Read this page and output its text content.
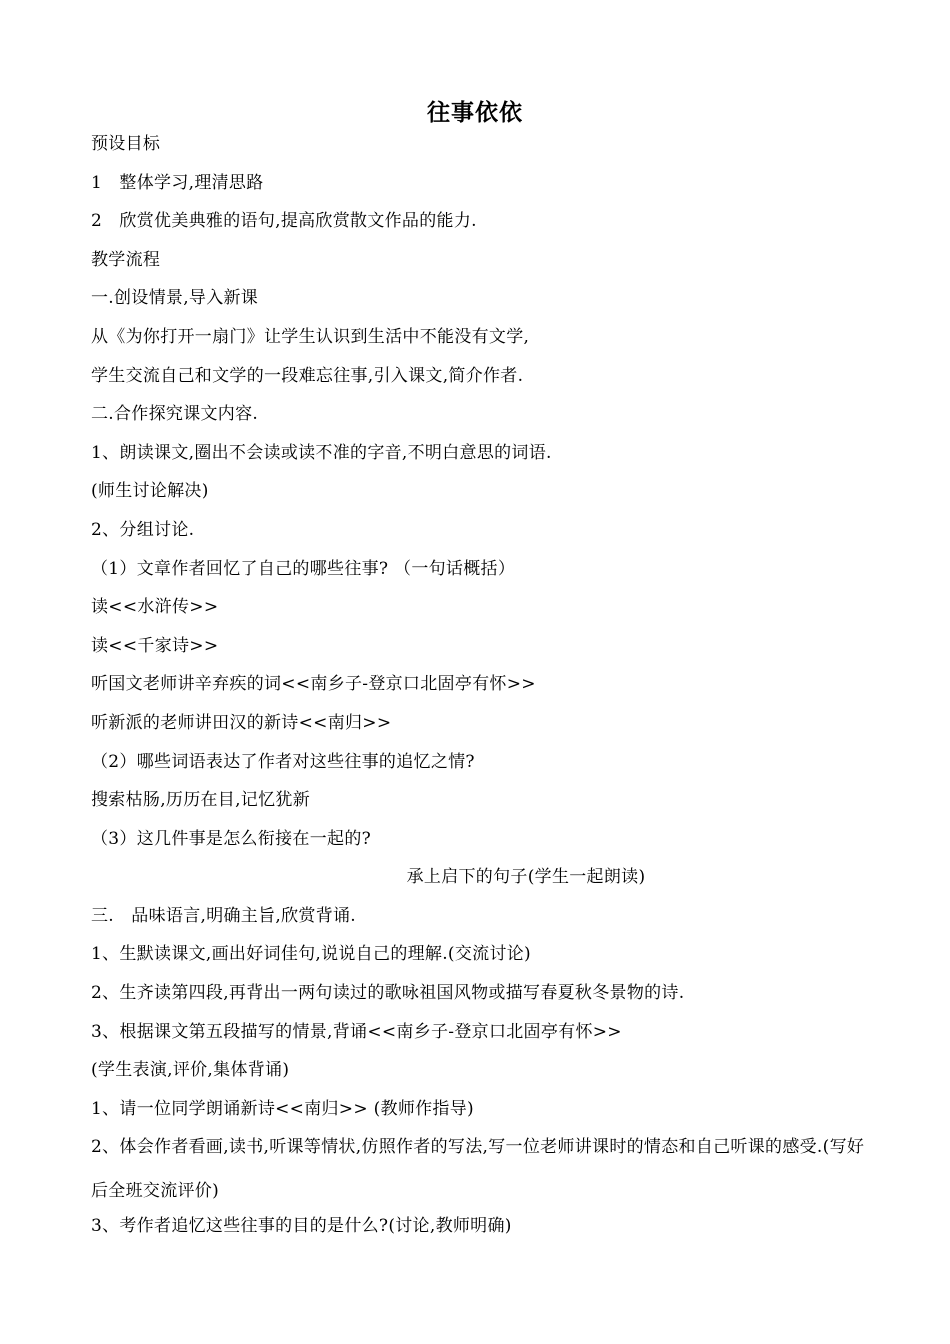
往事依依
预设目标
1　整体学习,理清思路
2　欣赏优美典雅的语句,提高欣赏散文作品的能力.
教学流程
一.创设情景,导入新课
从《为你打开一扇门》让学生认识到生活中不能没有文学,
学生交流自己和文学的一段难忘往事,引入课文,简介作者.
二.合作探究课文内容.
1、朗读课文,圈出不会读或读不准的字音,不明白意思的词语.
(师生讨论解决)
2、分组讨论.
（1）文章作者回忆了自己的哪些往事? （一句话概括）
读<<水浒传>>
读<<千家诗>>
听国文老师讲辛弃疾的词<<南乡子-登京口北固亭有怀>>
听新派的老师讲田汉的新诗<<南归>>
（2）哪些词语表达了作者对这些往事的追忆之情?
搜索枯肠,历历在目,记忆犹新
（3）这几件事是怎么衔接在一起的?
承上启下的句子(学生一起朗读)
三.　品味语言,明确主旨,欣赏背诵.
1、生默读课文,画出好词佳句,说说自己的理解.(交流讨论)
2、生齐读第四段,再背出一两句读过的歌咏祖国风物或描写春夏秋冬景物的诗.
3、根据课文第五段描写的情景,背诵<<南乡子-登京口北固亭有怀>>
(学生表演,评价,集体背诵)
1、请一位同学朗诵新诗<<南归>> (教师作指导)
2、体会作者看画,读书,听课等情状,仿照作者的写法,写一位老师讲课时的情态和自己听课的感受.(写好后全班交流评价)
3、考作者追忆这些往事的目的是什么?(讨论,教师明确)
